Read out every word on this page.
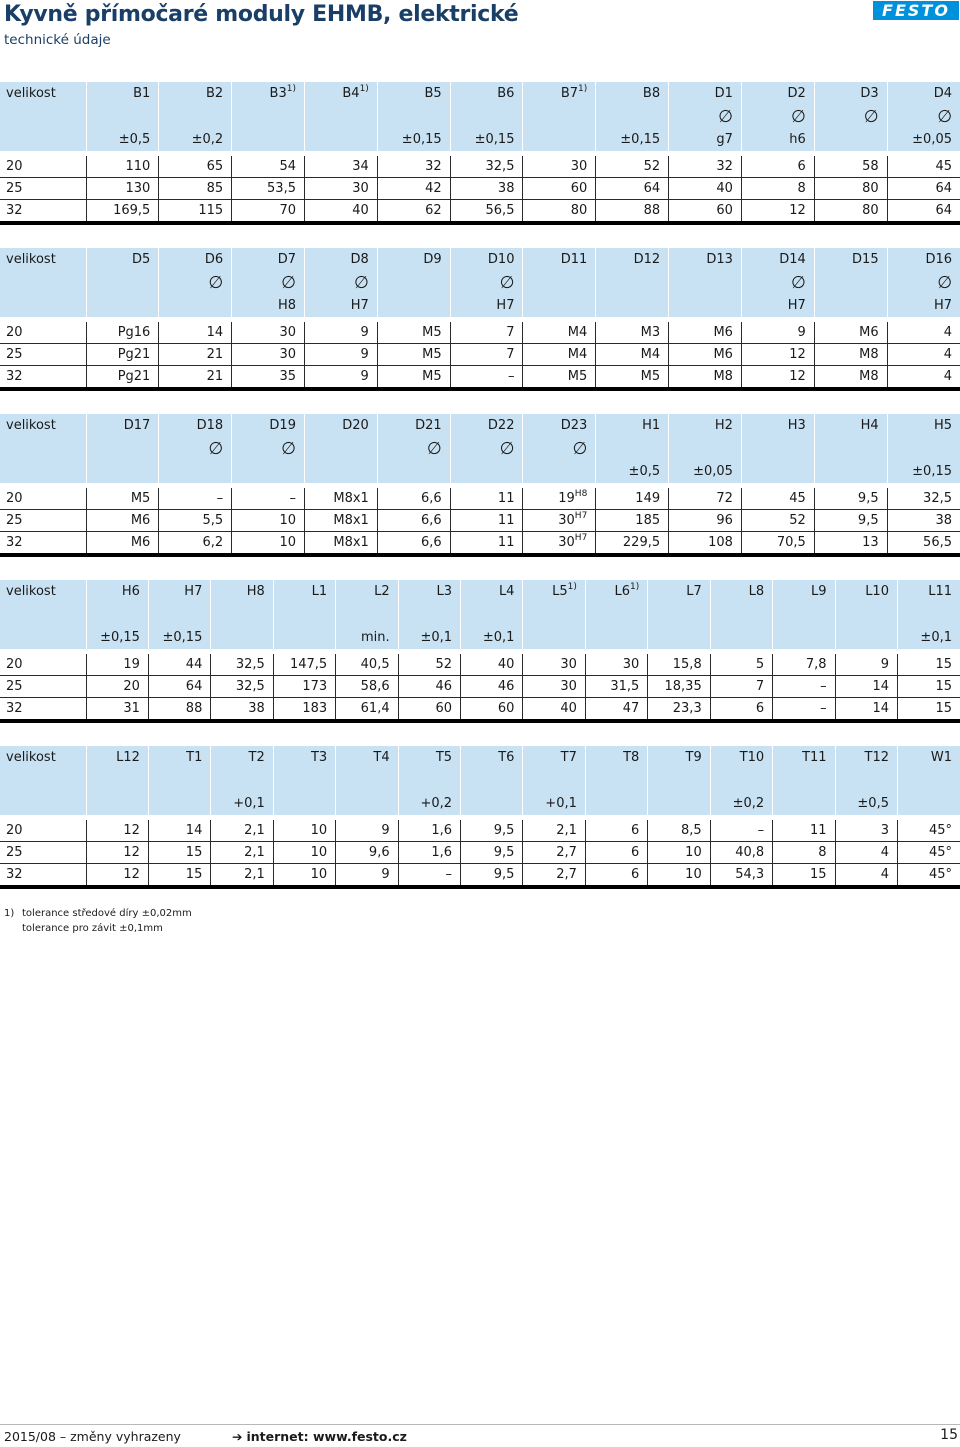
Kyvně přímočaré moduly EHMB, elektrické
technické údaje
FESTO
velikost	B1	B2	B3$^{1)}$	B4$^{1)}$	B5	B6	B7$^{1)}$	B8	D1	D2	D3	D4
									∅	∅	∅	∅
	±0,5	±0,2			±0,15	±0,15		±0,15	g7	h6		±0,05

20	110	65	54	34	32	32,5	30	52	32	6	58	45
25	130	85	53,5	30	42	38	60	64	40	8	80	64
32	169,5	115	70	40	62	56,5	80	88	60	12	80	64
velikost	D5	D6	D7	D8	D9	D10	D11	D12	D13	D14	D15	D16
		∅	∅	∅		∅				∅		∅
			H8	H7		H7				H7		H7

20	Pg16	14	30	9	M5	7	M4	M3	M6	9	M6	4
25	Pg21	21	30	9	M5	7	M4	M4	M6	12	M8	4
32	Pg21	21	35	9	M5	–	M5	M5	M8	12	M8	4
velikost	D17	D18	D19	D20	D21	D22	D23	H1	H2	H3	H4	H5
		∅	∅		∅	∅	∅					
								±0,5	±0,05			±0,15

20	M5	–	–	M8x1	6,6	11	$19^{H8}$	149	72	45	9,5	32,5
25	M6	5,5	10	M8x1	6,6	11	$30^{H7}$	185	96	52	9,5	38
32	M6	6,2	10	M8x1	6,6	11	$30^{H7}$	229,5	108	70,5	13	56,5
velikost	H6	H7	H8	L1	L2	L3	L4	L5$^{1)}$	L6$^{1)}$	L7	L8	L9	L10	L11

	±0,15	±0,15			min.	±0,1	±0,1							±0,1

20	19	44	32,5	147,5	40,5	52	40	30	30	15,8	5	7,8	9	15
25	20	64	32,5	173	58,6	46	46	30	31,5	18,35	7	–	14	15
32	31	88	38	183	61,4	60	60	40	47	23,3	6	–	14	15
velikost	L12	T1	T2	T3	T4	T5	T6	T7	T8	T9	T10	T11	T12	W1

			+0,1			+0,2		+0,1			±0,2		±0,5	

20	12	14	2,1	10	9	1,6	9,5	2,1	6	8,5	–	11	3	45°
25	12	15	2,1	10	9,6	1,6	9,5	2,7	6	10	40,8	8	4	45°
32	12	15	2,1	10	9	–	9,5	2,7	6	10	54,3	15	4	45°
1) tolerance středové díry ±0,02mm
tolerance pro závit ±0,1mm
2015/08 – změny vyhrazeny	➔ internet: www.festo.cz	15
